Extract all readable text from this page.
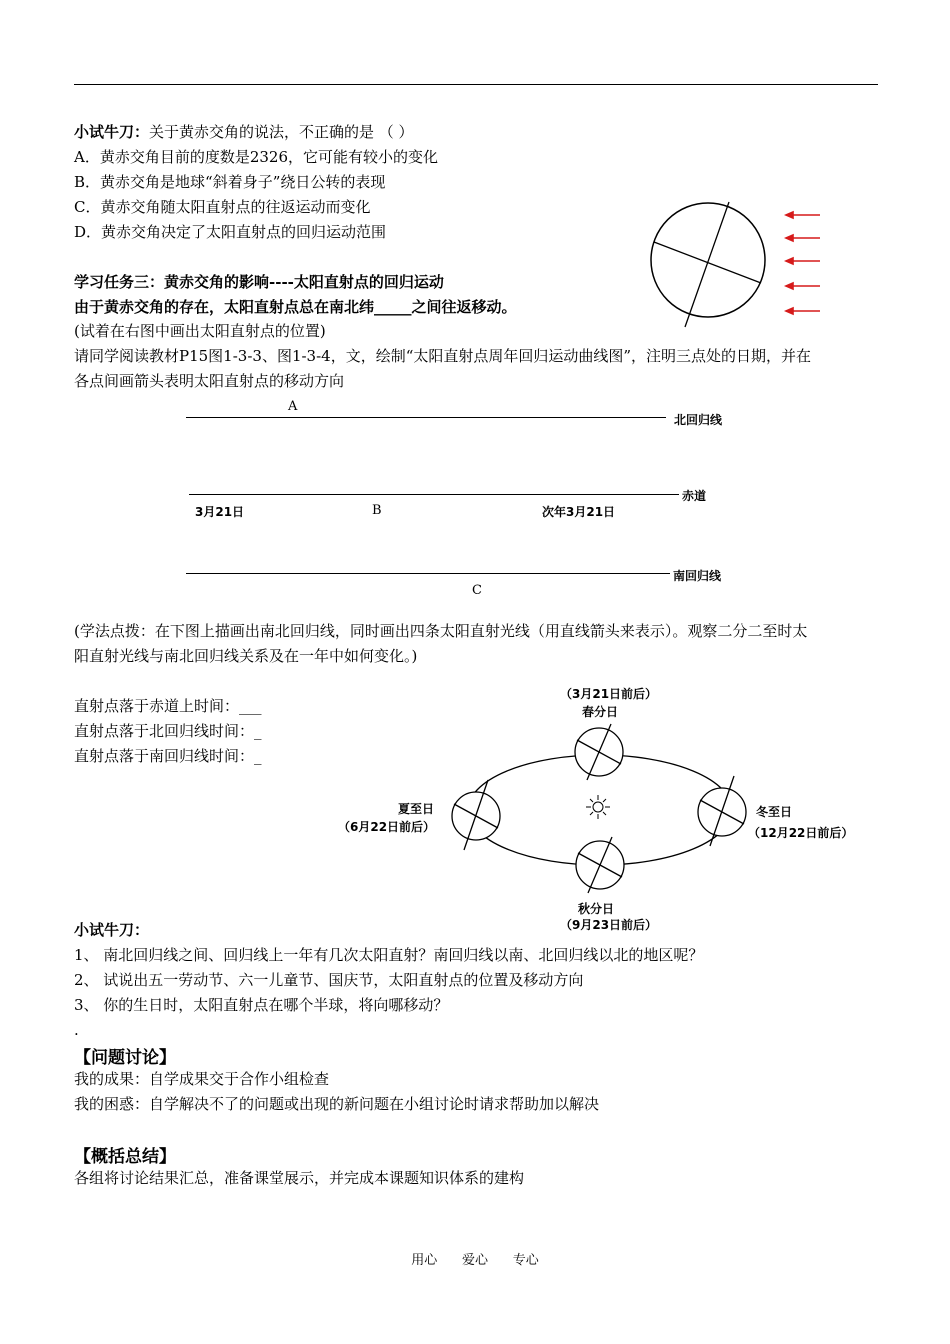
小试牛刀：关于黄赤交角的说法，不正确的是 （ ）
A．黄赤交角目前的度数是2326，它可能有较小的变化
B．黄赤交角是地球“斜着身子”绕日公转的表现
C．黄赤交角随太阳直射点的往返运动而变化
D．黄赤交角决定了太阳直射点的回归运动范围
学习任务三：黄赤交角的影响----太阳直射点的回归运动
由于黄赤交角的存在，太阳直射点总在南北纬_____之间往返移动。
(试着在右图中画出太阳直射点的位置)
请同学阅读教材P15图1-3-3、图1-3-4，文，绘制“太阳直射点周年回归运动曲线图”，注明三点处的日期，并在
各点间画箭头表明太阳直射点的移动方向
A
北回归线
赤道
3月21日	B	次年3月21日
南回归线
C
(学法点拨：在下图上描画出南北回归线，同时画出四条太阳直射光线（用直线箭头来表示）。观察二分二至时太
阳直射光线与南北回归线关系及在一年中如何变化。)
直射点落于赤道上时间：___
直射点落于北回归线时间：_
直射点落于南回归线时间：_
（3月21日前后）
春分日
夏至日
（6月22日前后）
冬至日
（12月22日前后）
秋分日
（9月23日前后）
小试牛刀：
1、 南北回归线之间、回归线上一年有几次太阳直射？南回归线以南、北回归线以北的地区呢？
2、 试说出五一劳动节、六一儿童节、国庆节，太阳直射点的位置及移动方向
3、 你的生日时，太阳直射点在哪个半球，将向哪移动？
.
【问题讨论】
我的成果：自学成果交于合作小组检查
我的困惑：自学解决不了的问题或出现的新问题在小组讨论时请求帮助加以解决
【概括总结】
各组将讨论结果汇总，准备课堂展示，并完成本课题知识体系的建构
用心      爱心      专心
